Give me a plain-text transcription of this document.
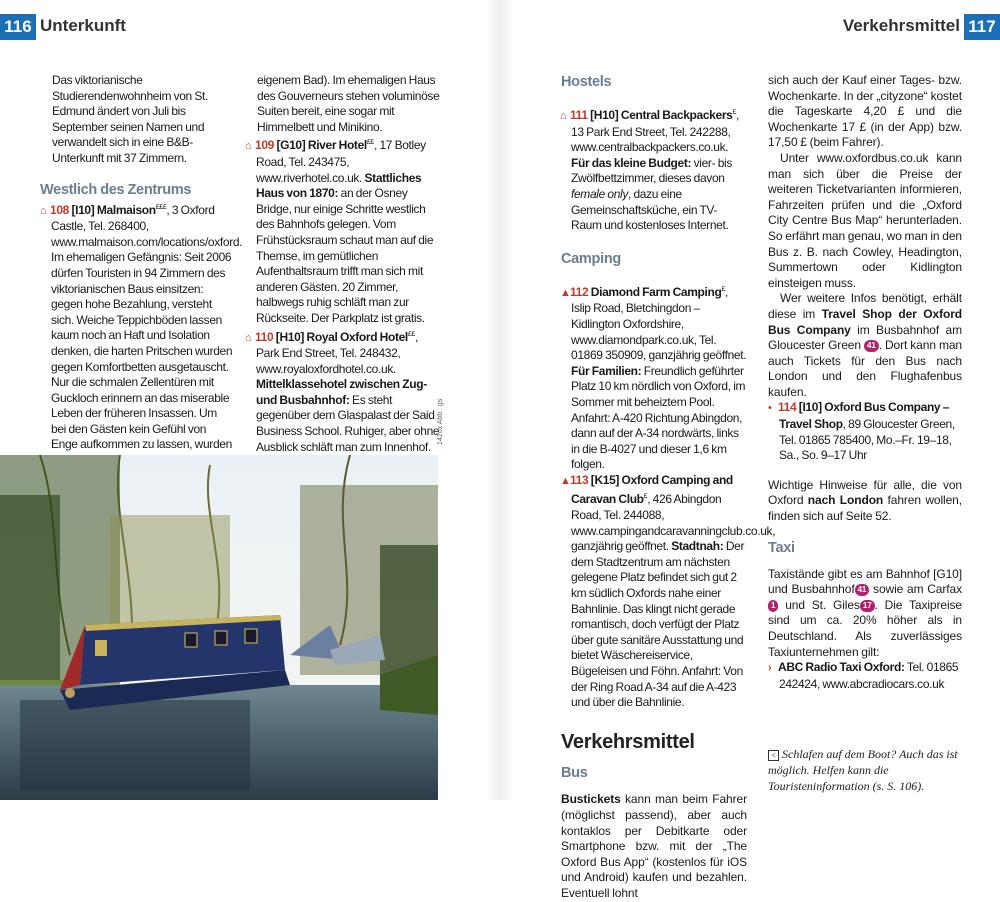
116 Unterkunft

Das viktorianische Studierendenwohnheim von St. Edmund ändert von Juli bis September seinen Namen und verwandelt sich in eine B&B-Unterkunft mit 37 Zimmern.

Westlich des Zentrums

⌂ 108 [I10] Malmaison£££, 3 Oxford Castle, Tel. 268400, www.malmaison.com/locations/oxford. Im ehemaligen Gefängnis: Seit 2006 dürfen Touristen in 94 Zimmern des viktorianischen Baus einsitzen: gegen hohe Bezahlung, versteht sich. Weiche Teppichböden lassen kaum noch an Haft und Isolation denken, die harten Pritschen wurden gegen Komfortbetten ausgetauscht. Nur die schmalen Zellentüren mit Guckloch erinnern an das miserable Leben der früheren Insassen. Um bei den Gästen kein Gefühl von Enge aufkommen zu lassen, wurden

eigenem Bad). Im ehemaligen Haus des Gouverneurs stehen voluminöse Suiten bereit, eine sogar mit Himmelbett und Minikino.

⌂ 109 [G10] River Hotel££, 17 Botley Road, Tel. 243475, www.riverhotel.co.uk. Stattliches Haus von 1870: an der Osney Bridge, nur einige Schritte westlich des Bahnhofs gelegen. Vom Frühstücksraum schaut man auf die Themse, im gemütlichen Aufenthaltsraum trifft man sich mit anderen Gästen. 20 Zimmer, halbwegs ruhig schläft man zur Rückseite. Der Parkplatz ist gratis.

⌂ 110 [H10] Royal Oxford Hotel££, Park End Street, Tel. 248432, www.royaloxfordhotel.co.uk. Mittelklassehotel zwischen Zug- und Busbahnhof: Es steht gegenüber dem Glaspalast der Said Business School. Ruhiger, aber ohne Ausblick schläft man zum Innenhof.

142ox Abb.: gs
Verkehrsmittel 117

Hostels

⌂ 111 [H10] Central Backpackers£, 13 Park End Street, Tel. 242288, www.centralbackpackers.co.uk. Für das kleine Budget: vier- bis Zwölfbettzimmer, dieses davon female only, dazu eine Gemeinschaftsküche, ein TV-Raum und kostenloses Internet.

Camping

▲112 Diamond Farm Camping£, Islip Road, Bletchingdon – Kidlington Oxfordshire, www.diamondpark.co.uk, Tel. 01869 350909, ganzjährig geöffnet. Für Familien: Freundlich geführter Platz 10 km nördlich von Oxford, im Sommer mit beheiztem Pool. Anfahrt: A-420 Richtung Abingdon, dann auf der A-34 nordwärts, links in die B-4027 und dieser 1,6 km folgen.

▲113 [K15] Oxford Camping and Caravan Club£, 426 Abingdon Road, Tel. 244088, www.campingandcaravanningclub.co.uk, ganzjährig geöffnet. Stadtnah: Der dem Stadtzentrum am nächsten gelegene Platz befindet sich gut 2 km südlich Oxfords nahe einer Bahnlinie. Das klingt nicht gerade romantisch, doch verfügt der Platz über gute sanitäre Ausstattung und bietet Wäschereiservice, Bügeleisen und Föhn. Anfahrt: Von der Ring Road A-34 auf die A-423 und über die Bahnlinie.

Verkehrsmittel

Bus

Bustickets kann man beim Fahrer (möglichst passend), aber auch kontaklos per Debitkarte oder Smartphone bzw. mit der „The Oxford Bus App“ (kostenlos für iOS und Android) kaufen und bezahlen. Eventuell lohnt

sich auch der Kauf einer Tages- bzw. Wochenkarte. In der „cityzone“ kostet die Tageskarte 4,20 £ und die Wochenkarte 17 £ (in der App) bzw. 17,50 £ (beim Fahrer).

Unter www.oxfordbus.co.uk kann man sich über die Preise der weiteren Ticketvarianten informieren, Fahrzeiten prüfen und die „Oxford City Centre Bus Map“ herunterladen. So erfährt man genau, wo man in den Bus z. B. nach Cowley, Headington, Summertown oder Kidlington einsteigen muss.

Wer weitere Infos benötigt, erhält diese im Travel Shop der Oxford Bus Company im Busbahnhof am Gloucester Green 41 . Dort kann man auch Tickets für den Bus nach London und den Flughafenbus kaufen.

• 114 [I10] Oxford Bus Company – Travel Shop, 89 Gloucester Green, Tel. 01865 785400, Mo.–Fr. 19–18, Sa., So. 9–17 Uhr

Wichtige Hinweise für alle, die von Oxford nach London fahren wollen, finden sich auf Seite 52.

Taxi

Taxistände gibt es am Bahnhof [G10] und Busbahnhof 41 sowie am Carfax1 und St. Giles 17 . Die Taxipreise sind um ca. 20% höher als in Deutschland. Als zuverlässiges Taxiunternehmen gilt:

› ABC Radio Taxi Oxford: Tel. 01865 242424, www.abcradiocars.co.uk

< Schlafen auf dem Boot? Auch das ist möglich. Helfen kann die Touristeninformation (s. S. 106).
